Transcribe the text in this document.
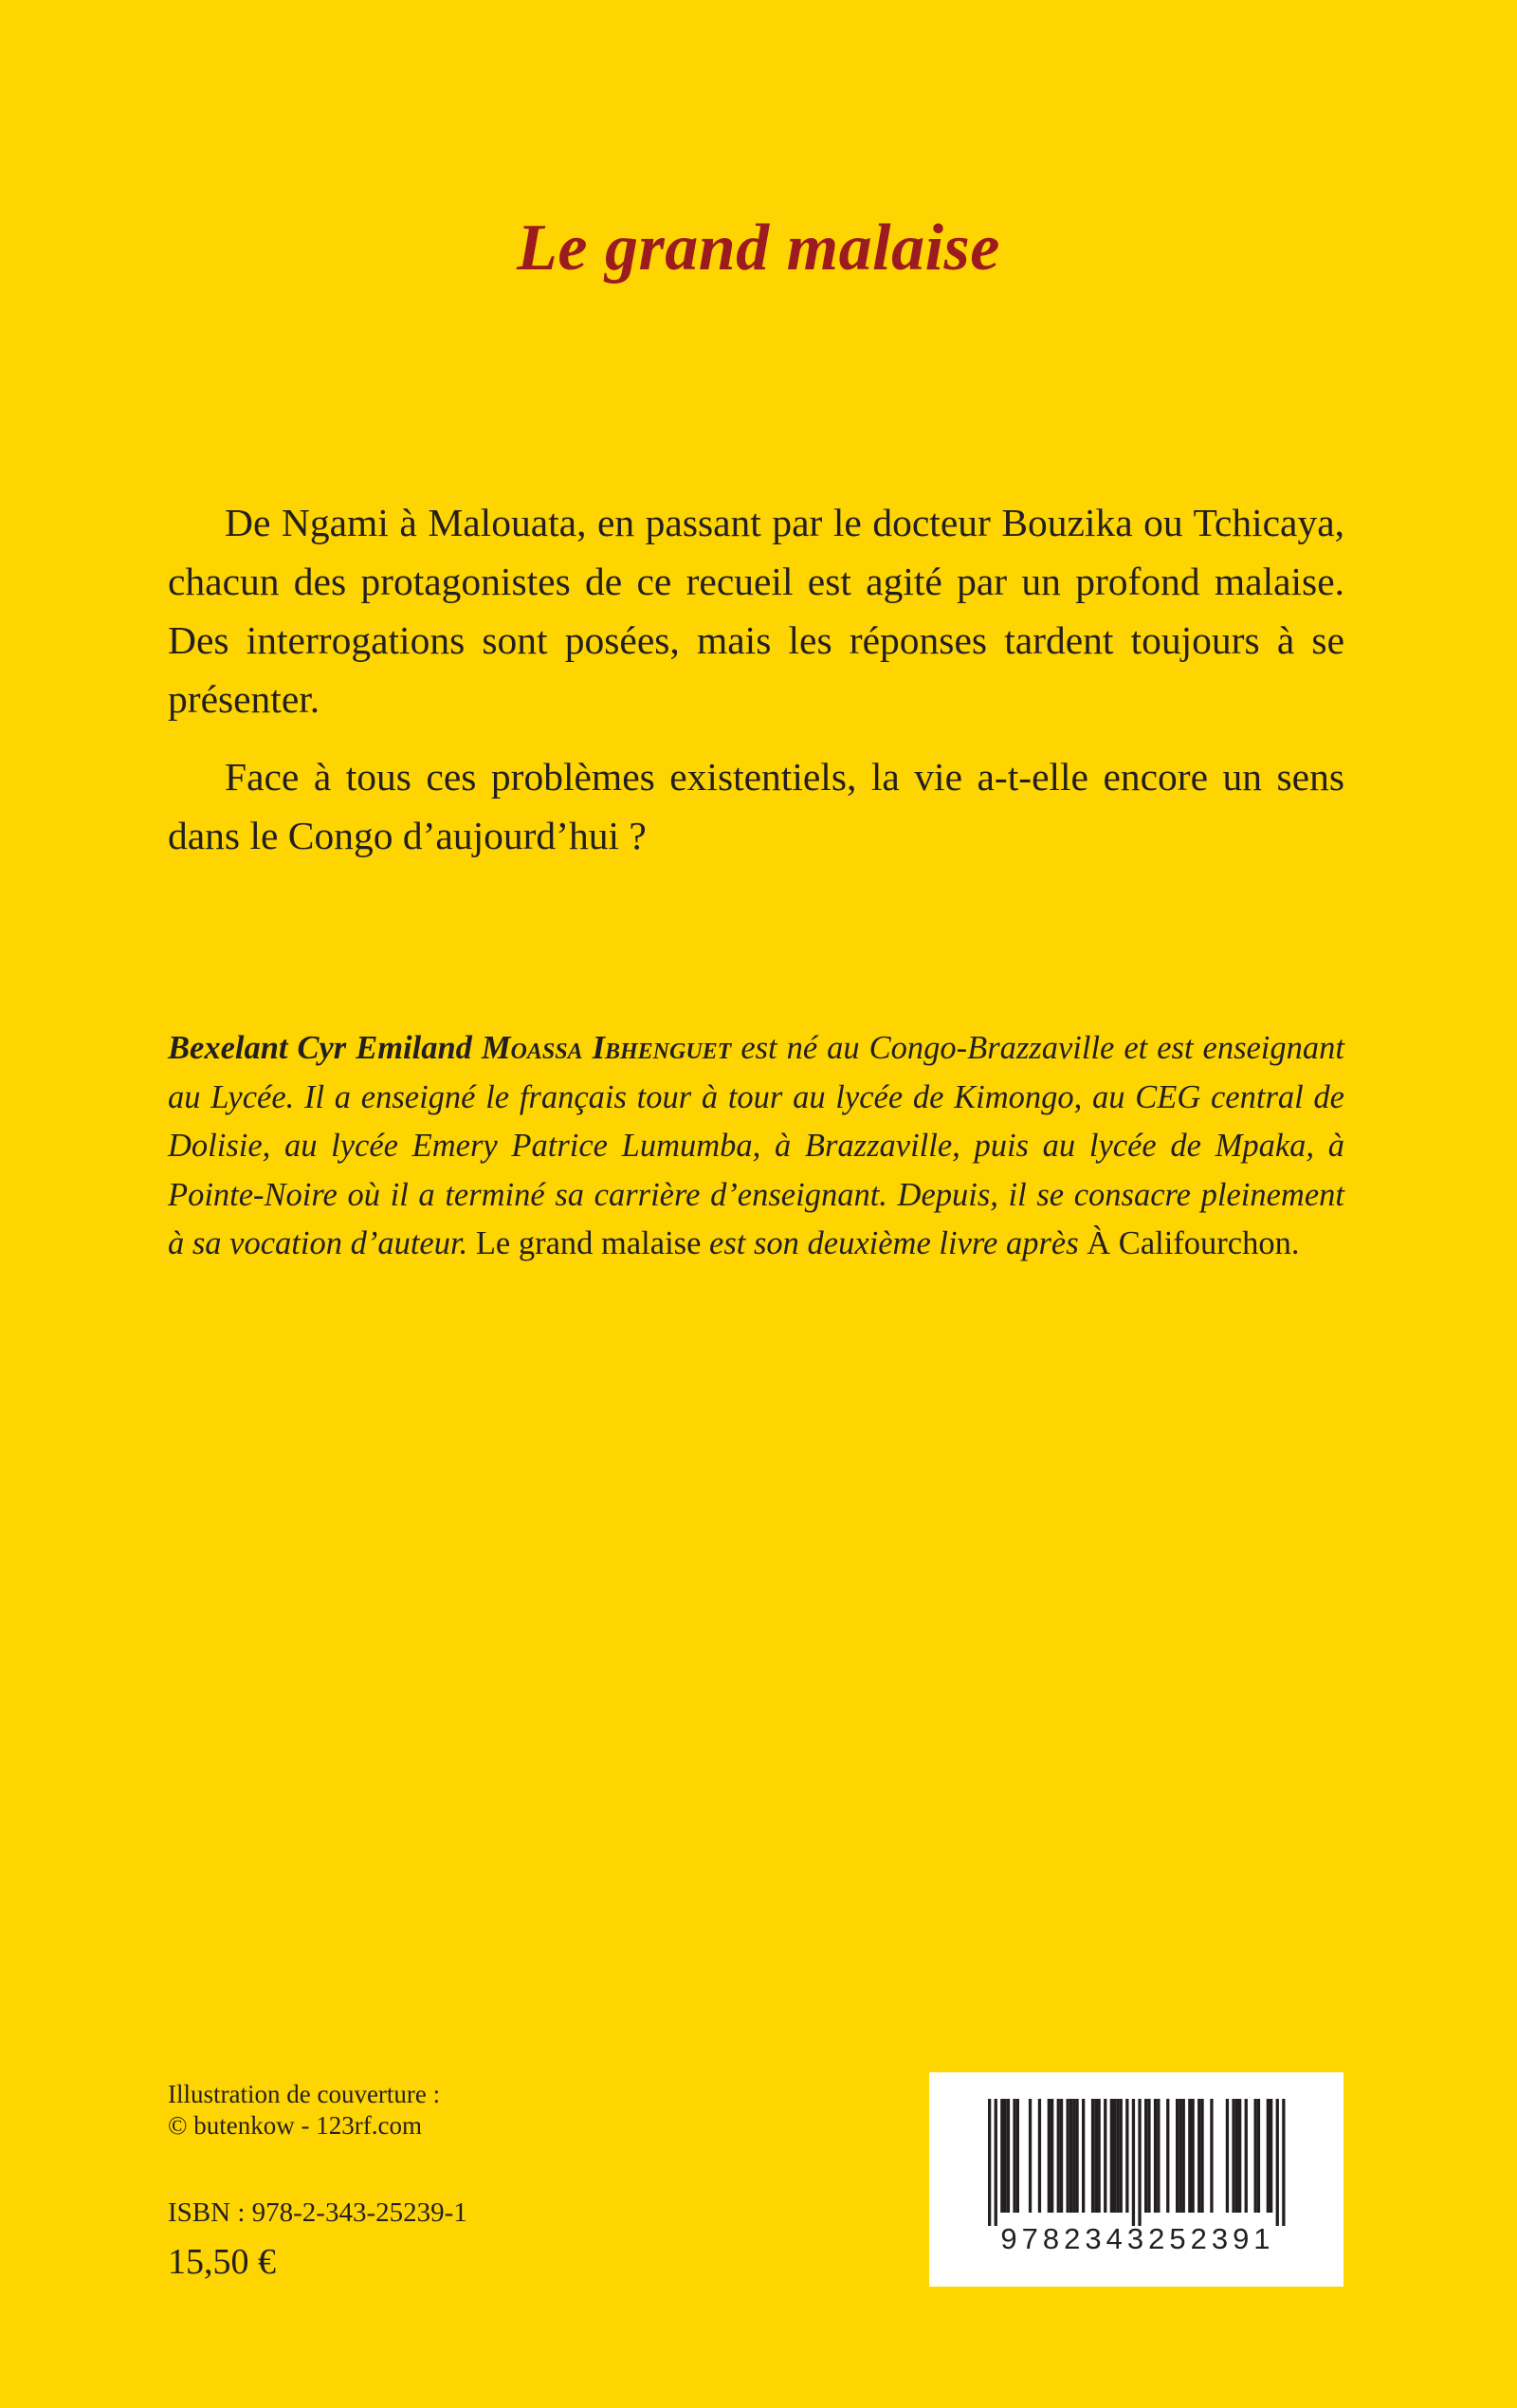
Le grand malaise

De Ngami à Malouata, en passant par le docteur Bouzika ou Tchicaya, chacun des protagonistes de ce recueil est agité par un profond malaise. Des interrogations sont posées, mais les réponses tardent toujours à se présenter.

Face à tous ces problèmes existentiels, la vie a-t-elle encore un sens dans le Congo d’aujourd’hui ?

Bexelant Cyr Emiland Moassa Ibhenguet est né au Congo-Brazzaville et est enseignant au Lycée. Il a enseigné le français tour à tour au lycée de Kimongo, au CEG central de Dolisie, au lycée Emery Patrice Lumumba, à Brazzaville, puis au lycée de Mpaka, à Pointe-Noire où il a terminé sa carrière d’enseignant. Depuis, il se consacre pleinement à sa vocation d’auteur. Le grand malaise est son deuxième livre après À Califourchon.
Illustration de couverture :
© butenkow - 123rf.com
ISBN : 978-2-343-25239-1
15,50 €
9782343252391
